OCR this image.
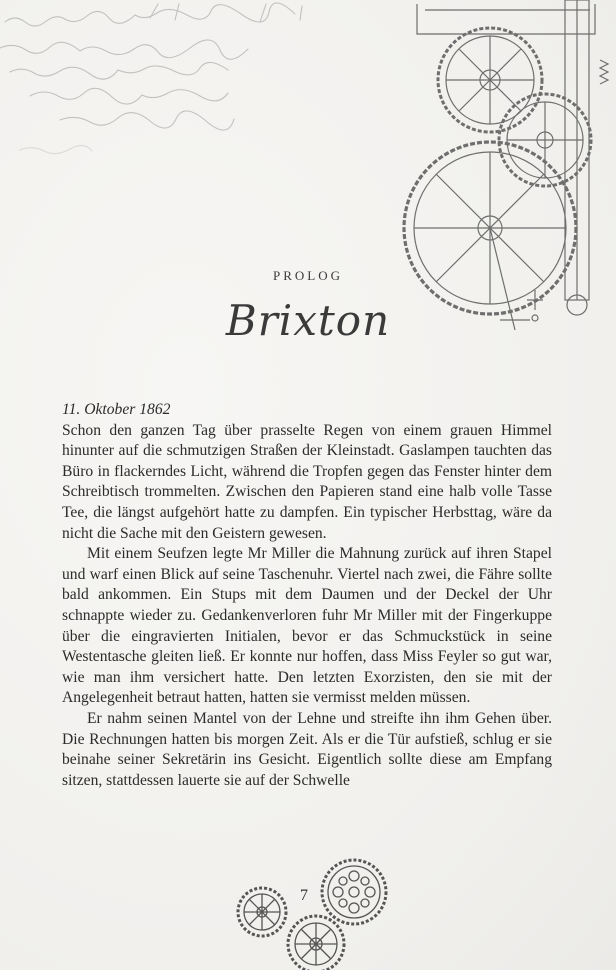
PROLOG
Brixton

11. Oktober 1862

Schon den ganzen Tag über prasselte Regen von einem grauen Himmel hinunter auf die schmutzigen Straßen der Kleinstadt. Gaslampen tauchten das Büro in flackerndes Licht, während die Tropfen gegen das Fenster hinter dem Schreibtisch trommelten. Zwischen den Papieren stand eine halb volle Tasse Tee, die längst aufgehört hatte zu dampfen. Ein typischer Herbsttag, wäre da nicht die Sache mit den Geistern gewesen.

Mit einem Seufzen legte Mr Miller die Mahnung zurück auf ihren Stapel und warf einen Blick auf seine Taschenuhr. Viertel nach zwei, die Fähre sollte bald ankommen. Ein Stups mit dem Daumen und der Deckel der Uhr schnappte wieder zu. Gedankenverloren fuhr Mr Miller mit der Fingerkuppe über die eingravierten Initialen, bevor er das Schmuckstück in seine Westentasche gleiten ließ. Er konnte nur hoffen, dass Miss Feyler so gut war, wie man ihm versichert hatte. Den letzten Exorzisten, den sie mit der Angelegenheit betraut hatten, hatten sie vermisst melden müssen.

Er nahm seinen Mantel von der Lehne und streifte ihn ihm Gehen über. Die Rechnungen hatten bis morgen Zeit. Als er die Tür aufstieß, schlug er sie beinahe seiner Sekretärin ins Gesicht. Eigentlich sollte diese am Empfang sitzen, stattdessen lauerte sie auf der Schwelle

7
